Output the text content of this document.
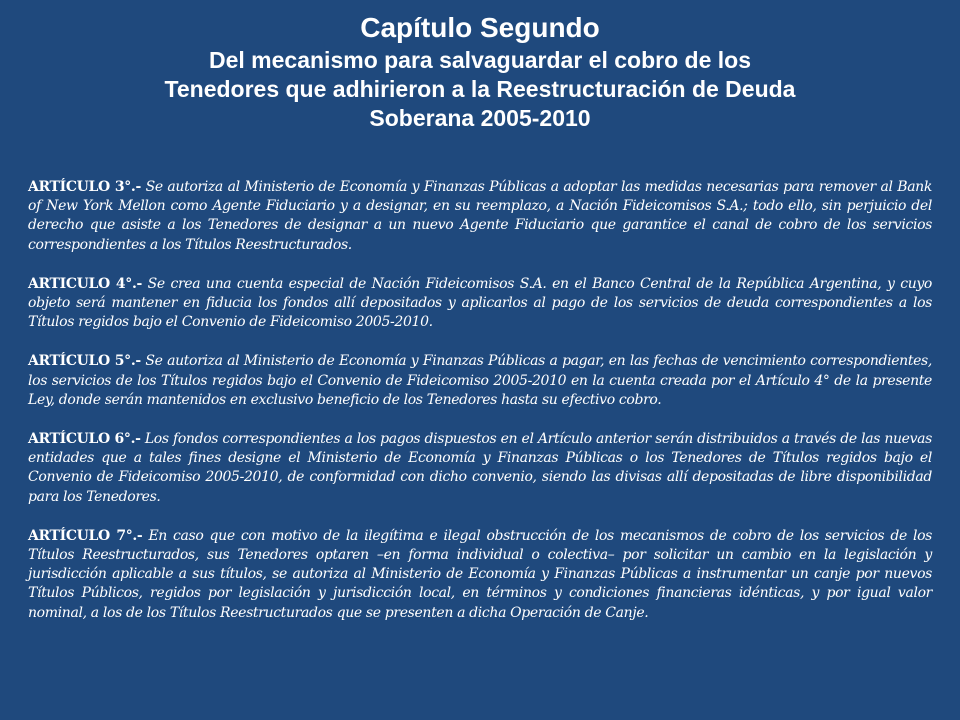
Capítulo Segundo
Del mecanismo para salvaguardar el cobro de los
Tenedores que adhirieron a la Reestructuración de Deuda
Soberana 2005-2010

ARTÍCULO 3°.- Se autoriza al Ministerio de Economía y Finanzas Públicas a adoptar las medidas necesarias para remover al Bank of New York Mellon como Agente Fiduciario y a designar, en su reemplazo, a Nación Fideicomisos S.A.; todo ello, sin perjuicio del derecho que asiste a los Tenedores de designar a un nuevo Agente Fiduciario que garantice el canal de cobro de los servicios correspondientes a los Títulos Reestructurados.

ARTICULO 4°.- Se crea una cuenta especial de Nación Fideicomisos S.A. en el Banco Central de la República Argentina, y cuyo objeto será mantener en fiducia los fondos allí depositados y aplicarlos al pago de los servicios de deuda correspondientes a los Títulos regidos bajo el Convenio de Fideicomiso 2005-2010.

ARTÍCULO 5°.- Se autoriza al Ministerio de Economía y Finanzas Públicas a pagar, en las fechas de vencimiento correspondientes, los servicios de los Títulos regidos bajo el Convenio de Fideicomiso 2005-2010 en la cuenta creada por el Artículo 4° de la presente Ley, donde serán mantenidos en exclusivo beneficio de los Tenedores hasta su efectivo cobro.

ARTÍCULO 6°.- Los fondos correspondientes a los pagos dispuestos en el Artículo anterior serán distribuidos a través de las nuevas entidades que a tales fines designe el Ministerio de Economía y Finanzas Públicas o los Tenedores de Títulos regidos bajo el Convenio de Fideicomiso 2005-2010, de conformidad con dicho convenio, siendo las divisas allí depositadas de libre disponibilidad para los Tenedores.

ARTÍCULO 7°.- En caso que con motivo de la ilegítima e ilegal obstrucción de los mecanismos de cobro de los servicios de los Títulos Reestructurados, sus Tenedores optaren –en forma individual o colectiva– por solicitar un cambio en la legislación y jurisdicción aplicable a sus títulos, se autoriza al Ministerio de Economía y Finanzas Públicas a instrumentar un canje por nuevos Títulos Públicos, regidos por legislación y jurisdicción local, en términos y condiciones financieras idénticas, y por igual valor nominal, a los de los Títulos Reestructurados que se presenten a dicha Operación de Canje.
